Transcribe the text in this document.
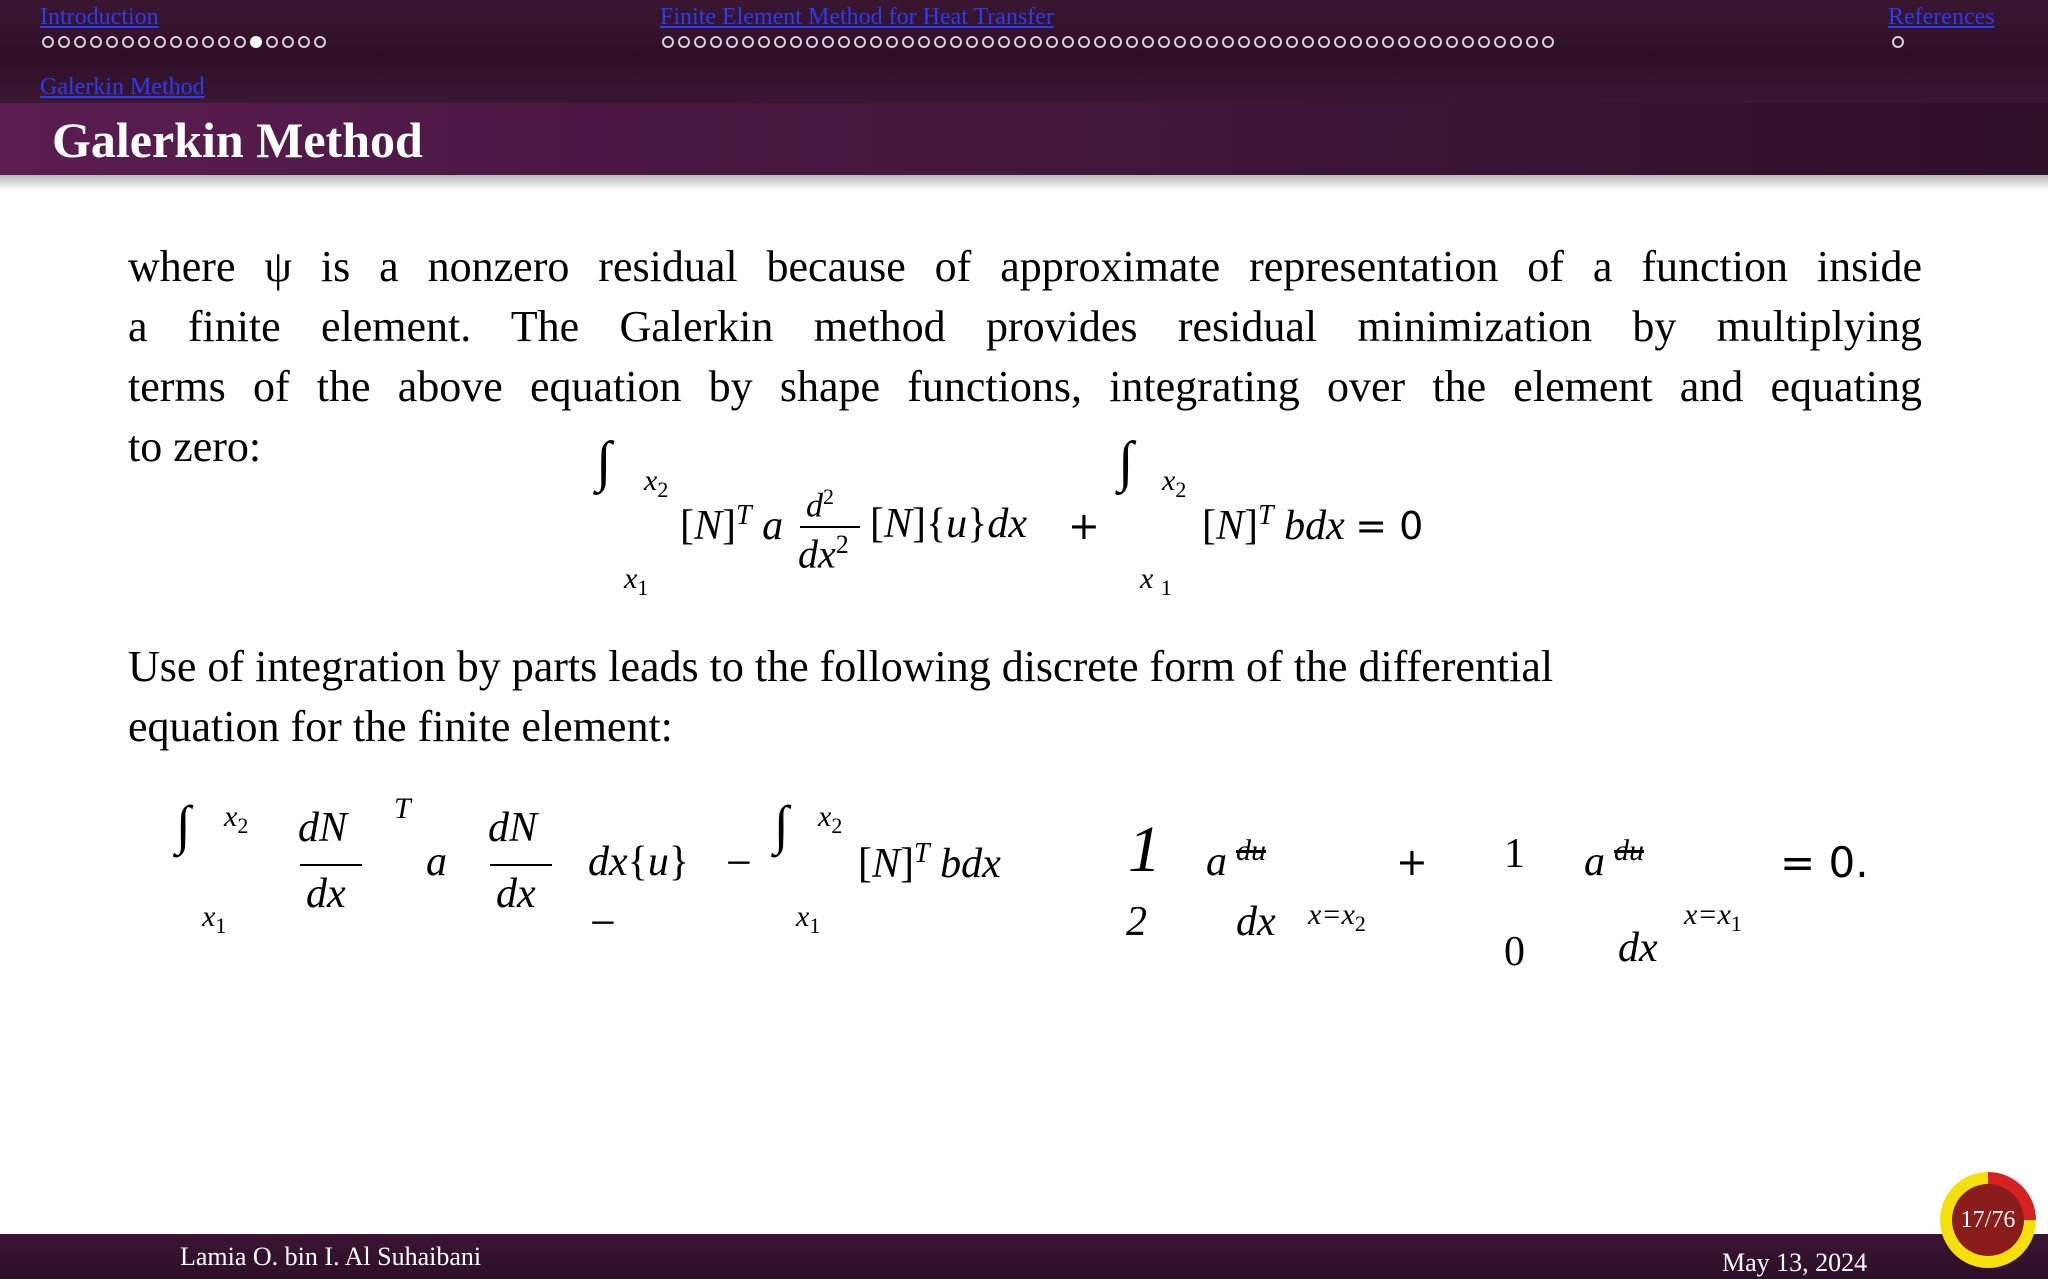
Introduction	Finite Element Method for Heat Transfer	References
Galerkin Method
Galerkin Method
where ψ is a nonzero residual because of approximate representation of a function inside
a finite element. The Galerkin method provides residual minimization by multiplying
terms of the above equation by shape functions, integrating over the element and equating
to zero:	∫ $x_2$
$x_1$
$[N]^T$ a $d^2$
$dx^2$ [N]{u}dx +
∫ $x_2$
x $_1$
$[N]^T$ bdx = 0
Use of integration by parts leads to the following discrete form of the differential
equation for the finite element:
∫ $x_2$
$x_1$
dN
dx
T
a
dN
dx
dx{u} −
−
∫ $x_2$
$x_1$
$[N]^T$ bdx 1
2
a du
dx $x=x_2$
+ 1
0
a du
dx
$x=x_1$
= 0.
Lamia O. bin I. Al Suhaibani	May 13, 2024
17/76
